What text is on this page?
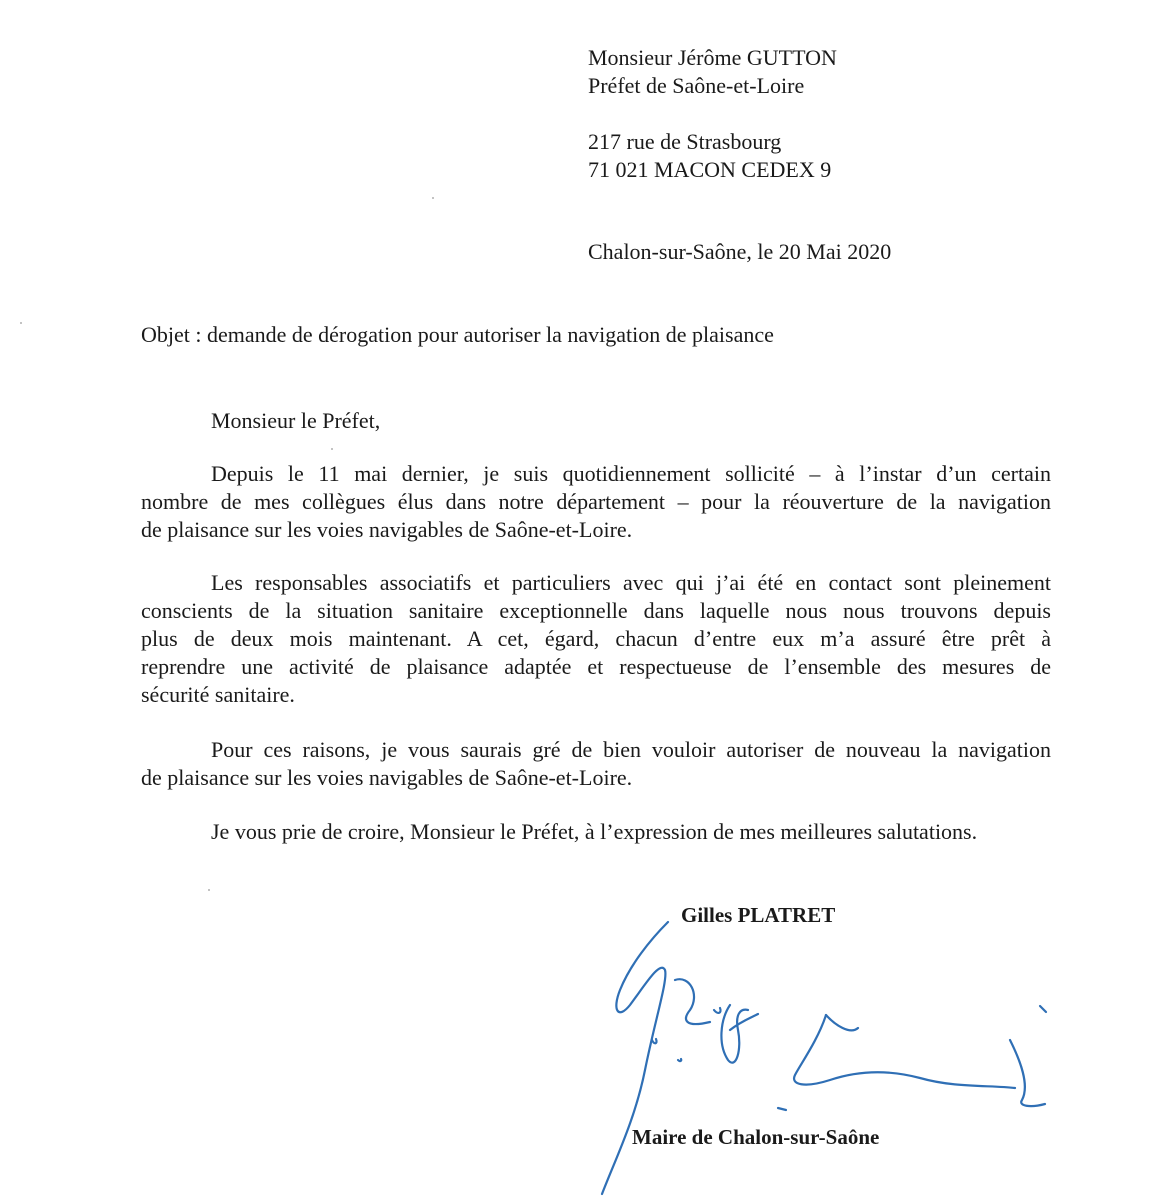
Monsieur Jérôme GUTTON
Préfet de Saône-et-Loire
217 rue de Strasbourg
71 021 MACON CEDEX 9
Chalon-sur-Saône, le 20 Mai 2020
Objet : demande de dérogation pour autoriser la navigation de plaisance
Monsieur le Préfet,
Depuis le 11 mai dernier, je suis quotidiennement sollicité – à l’instar d’un certain
nombre de mes collègues élus dans notre département – pour la réouverture de la navigation
de plaisance sur les voies navigables de Saône-et-Loire.
Les responsables associatifs et particuliers avec qui j’ai été en contact sont pleinement
conscients de la situation sanitaire exceptionnelle dans laquelle nous nous trouvons depuis
plus de deux mois maintenant. A cet, égard, chacun d’entre eux m’a assuré être prêt à
reprendre une activité de plaisance adaptée et respectueuse de l’ensemble des mesures de
sécurité sanitaire.
Pour ces raisons, je vous saurais gré de bien vouloir autoriser de nouveau la navigation
de plaisance sur les voies navigables de Saône-et-Loire.
Je vous prie de croire, Monsieur le Préfet, à l’expression de mes meilleures salutations.
Gilles PLATRET
Maire de Chalon-sur-Saône
